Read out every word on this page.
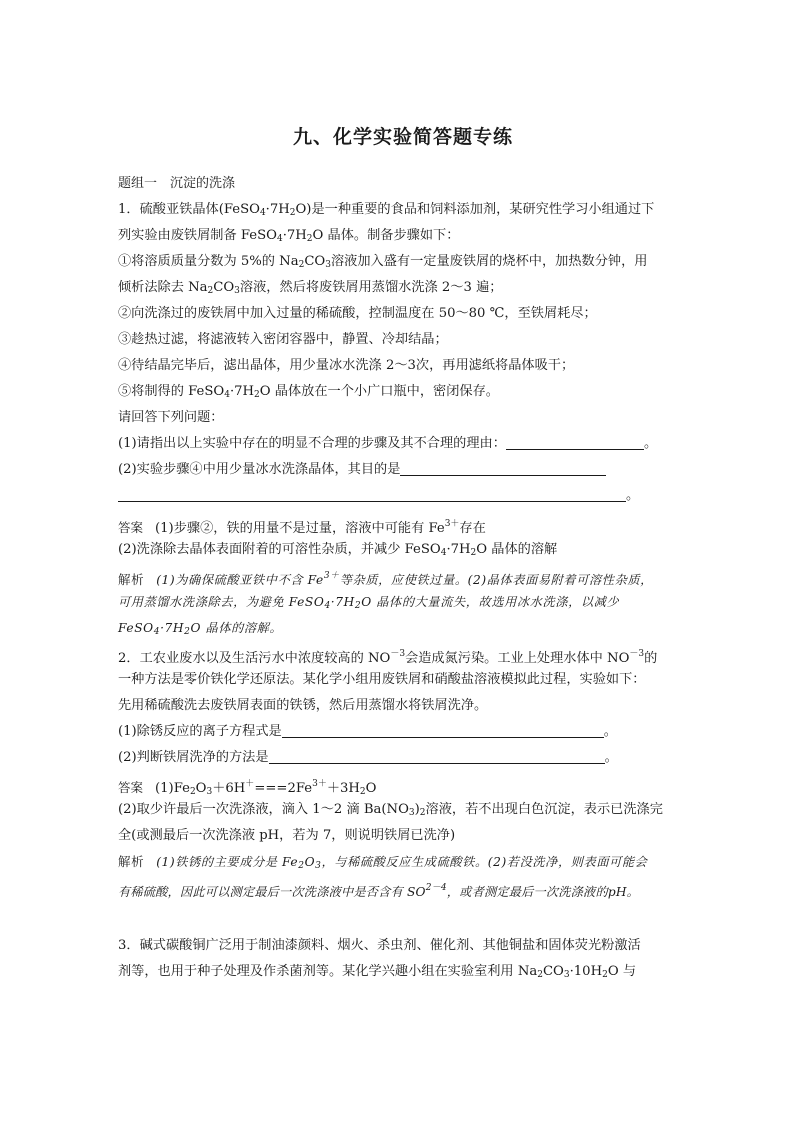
九、化学实验简答题专练
题组一　沉淀的洗涤
1．硫酸亚铁晶体$(FeSO_4\cdot 7H_2O)$是一种重要的食品和饲料添加剂，某研究性学习小组通过下
列实验由废铁屑制备 $FeSO_4\cdot 7H_2O$ 晶体。制备步骤如下：
①将溶质质量分数为 5%的 $Na_2CO_3$溶液加入盛有一定量废铁屑的烧杯中，加热数分钟，用
倾析法除去 $Na_2CO_3$溶液，然后将废铁屑用蒸馏水洗涤 2～3 遍；
②向洗涤过的废铁屑中加入过量的稀硫酸，控制温度在 50～80 ℃，至铁屑耗尽；
③趁热过滤，将滤液转入密闭容器中，静置、冷却结晶；
④待结晶完毕后，滤出晶体，用少量冰水洗涤 2～3次，再用滤纸将晶体吸干；
⑤将制得的 $FeSO_4\cdot 7H_2O$ 晶体放在一个小广口瓶中，密闭保存。
请回答下列问题：
(1)请指出以上实验中存在的明显不合理的步骤及其不合理的理由：	。
(2)实验步骤④中用少量冰水洗涤晶体，其目的是
。
答案 (1)步骤②，铁的用量不是过量，溶液中可能有 $Fe^{3+}$存在
(2)洗涤除去晶体表面附着的可溶性杂质，并减少 $FeSO_4\cdot 7H_2O$ 晶体的溶解
解析 (1)为确保硫酸亚铁中不含 $Fe^{3+}$等杂质，应使铁过量。(2)晶体表面易附着可溶性杂质，
可用蒸馏水洗涤除去，为避免 $FeSO_4\cdot 7H_2O$ 晶体的大量流失，故选用冰水洗涤，以减少
$FeSO_4\cdot 7H_2O$ 晶体的溶解。
2．工农业废水以及生活污水中浓度较高的 $NO^{-3}$会造成氮污染。工业上处理水体中 $NO^{-3}$的
一种方法是零价铁化学还原法。某化学小组用废铁屑和硝酸盐溶液模拟此过程，实验如下：
先用稀硫酸洗去废铁屑表面的铁锈，然后用蒸馏水将铁屑洗净。
(1)除锈反应的离子方程式是	。
(2)判断铁屑洗净的方法是	。
答案 $(1)Fe_2O_3+6H^+===2Fe^{3+}+3H_2O$
(2)取少许最后一次洗涤液，滴入 1～2 滴 $Ba(NO_3)_2$溶液，若不出现白色沉淀，表示已洗涤完
全(或测最后一次洗涤液 pH，若为 7，则说明铁屑已洗净)
解析 (1)铁锈的主要成分是 $Fe_2O_3$，与稀硫酸反应生成硫酸铁。(2)若没洗净，则表面可能会
有稀硫酸，因此可以测定最后一次洗涤液中是否含有 $SO^{2-4}$，或者测定最后一次洗涤液的pH。
3．碱式碳酸铜广泛用于制油漆颜料、烟火、杀虫剂、催化剂、其他铜盐和固体荧光粉激活
剂等，也用于种子处理及作杀菌剂等。某化学兴趣小组在实验室利用 $Na_2CO_3\cdot 10H_2O$ 与
